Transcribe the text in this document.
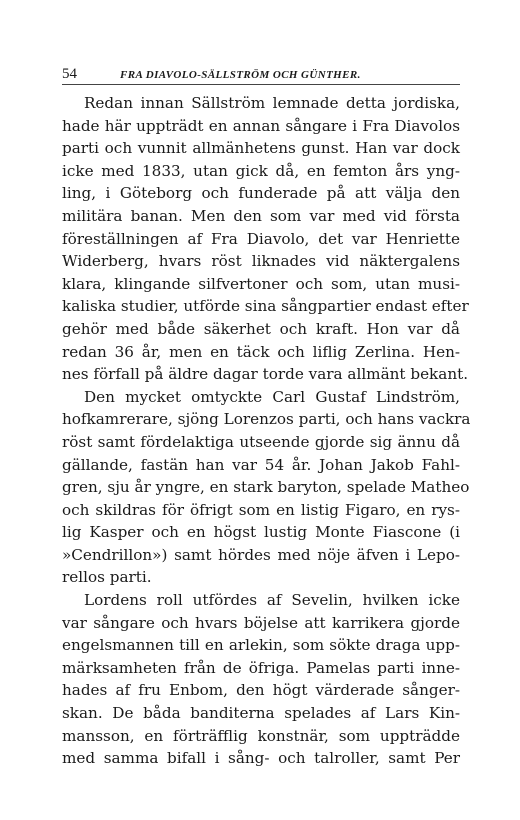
54	FRA DIAVOLO-SÄLLSTRÖM OCH GÜNTHER.

Redan innan Sällström lemnade detta jordiska,
hade här uppträdt en annan sångare i Fra Diavolos
parti och vunnit allmänhetens gunst. Han var dock
icke med 1833, utan gick då, en femton års yng-
ling, i Göteborg och funderade på att välja den
militära banan. Men den som var med vid första
föreställningen af Fra Diavolo, det var Henriette
Widerberg, hvars röst liknades vid näktergalens
klara, klingande silfvertoner och som, utan musi-
kaliska studier, utförde sina sångpartier endast efter
gehör med både säkerhet och kraft. Hon var då
redan 36 år, men en täck och liflig Zerlina. Hen-
nes förfall på äldre dagar torde vara allmänt bekant.

Den mycket omtyckte Carl Gustaf Lindström,
hofkamrerare, sjöng Lorenzos parti, och hans vackra
röst samt fördelaktiga utseende gjorde sig ännu då
gällande, fastän han var 54 år. Johan Jakob Fahl-
gren, sju år yngre, en stark baryton, spelade Matheo
och skildras för öfrigt som en listig Figaro, en rys-
lig Kasper och en högst lustig Monte Fiascone (i
»Cendrillon») samt hördes med nöje äfven i Lepo-
rellos parti.

Lordens roll utfördes af Sevelin, hvilken icke
var sångare och hvars böjelse att karrikera gjorde
engelsmannen till en arlekin, som sökte draga upp-
märksamheten från de öfriga. Pamelas parti inne-
hades af fru Enbom, den högt värderade sånger-
skan. De båda banditerna spelades af Lars Kin-
mansson, en förträfflig konstnär, som uppträdde
med samma bifall i sång- och talroller, samt Per
